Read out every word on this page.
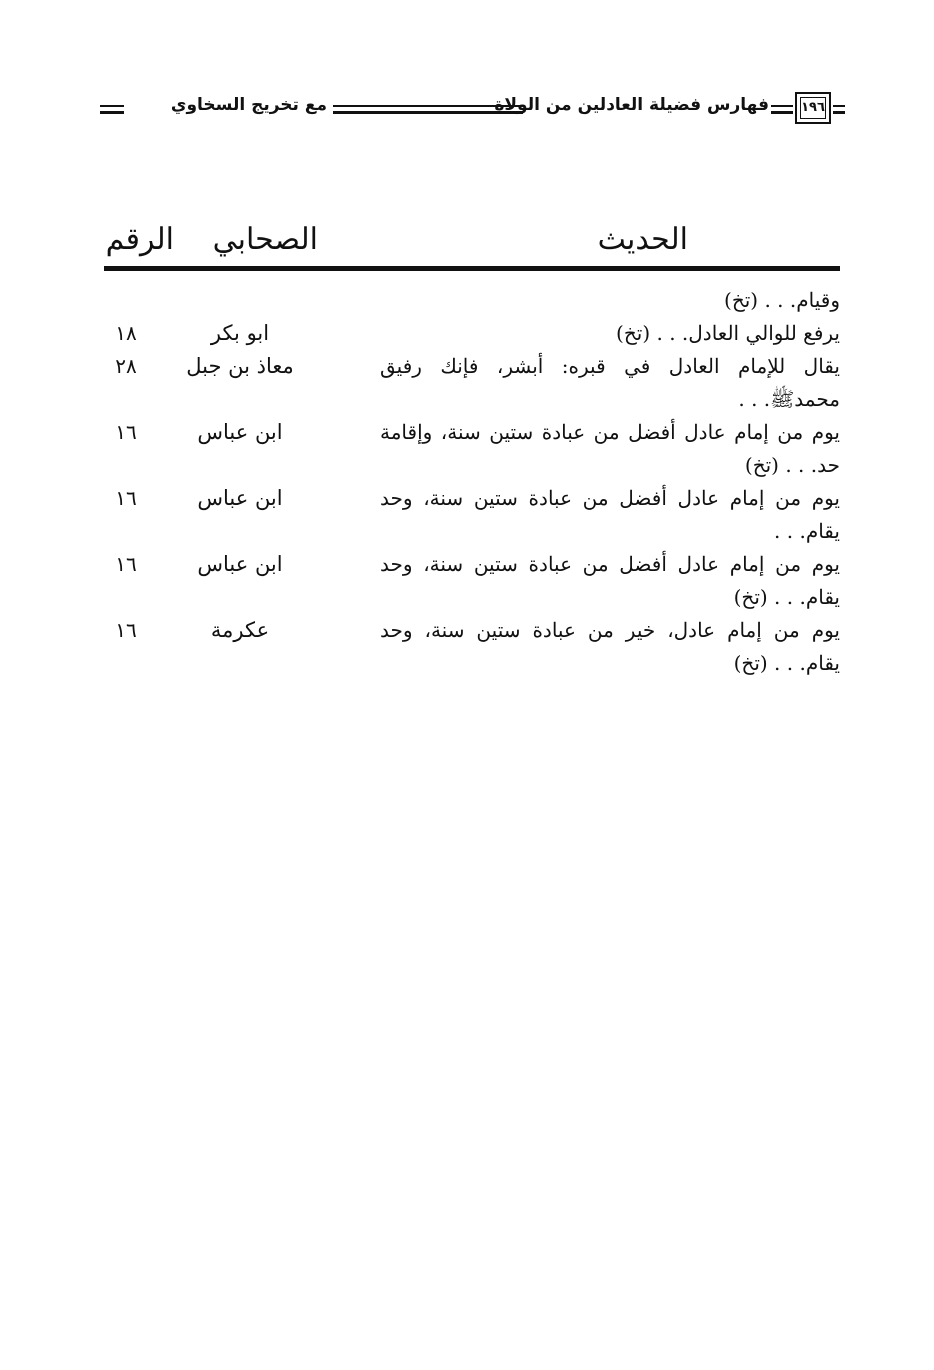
١٩٦
فهارس فضيلة العادلين من الولاة
مع تخريج السخاوي
الحديث
الصحابي
الرقم
وقيام. . . (تخ)
يرفع للوالي العادل. . . (تخ)
ابو بكر
١٨
يقال للإمام العادل في قبره: أبشر، فإنك رفيق
محمدﷺ. . .
معاذ بن جبل
٢٨
يوم من إمام عادل أفضل من عبادة ستين سنة، وإقامة
حد. . . (تخ)
ابن عباس
١٦
يوم من إمام عادل أفضل من عبادة ستين سنة، وحد
يقام. . .
ابن عباس
١٦
يوم من إمام عادل أفضل من عبادة ستين سنة، وحد
يقام. . . (تخ)
ابن عباس
١٦
يوم من إمام عادل، خير من عبادة ستين سنة، وحد
يقام. . . (تخ)
عكرمة
١٦
